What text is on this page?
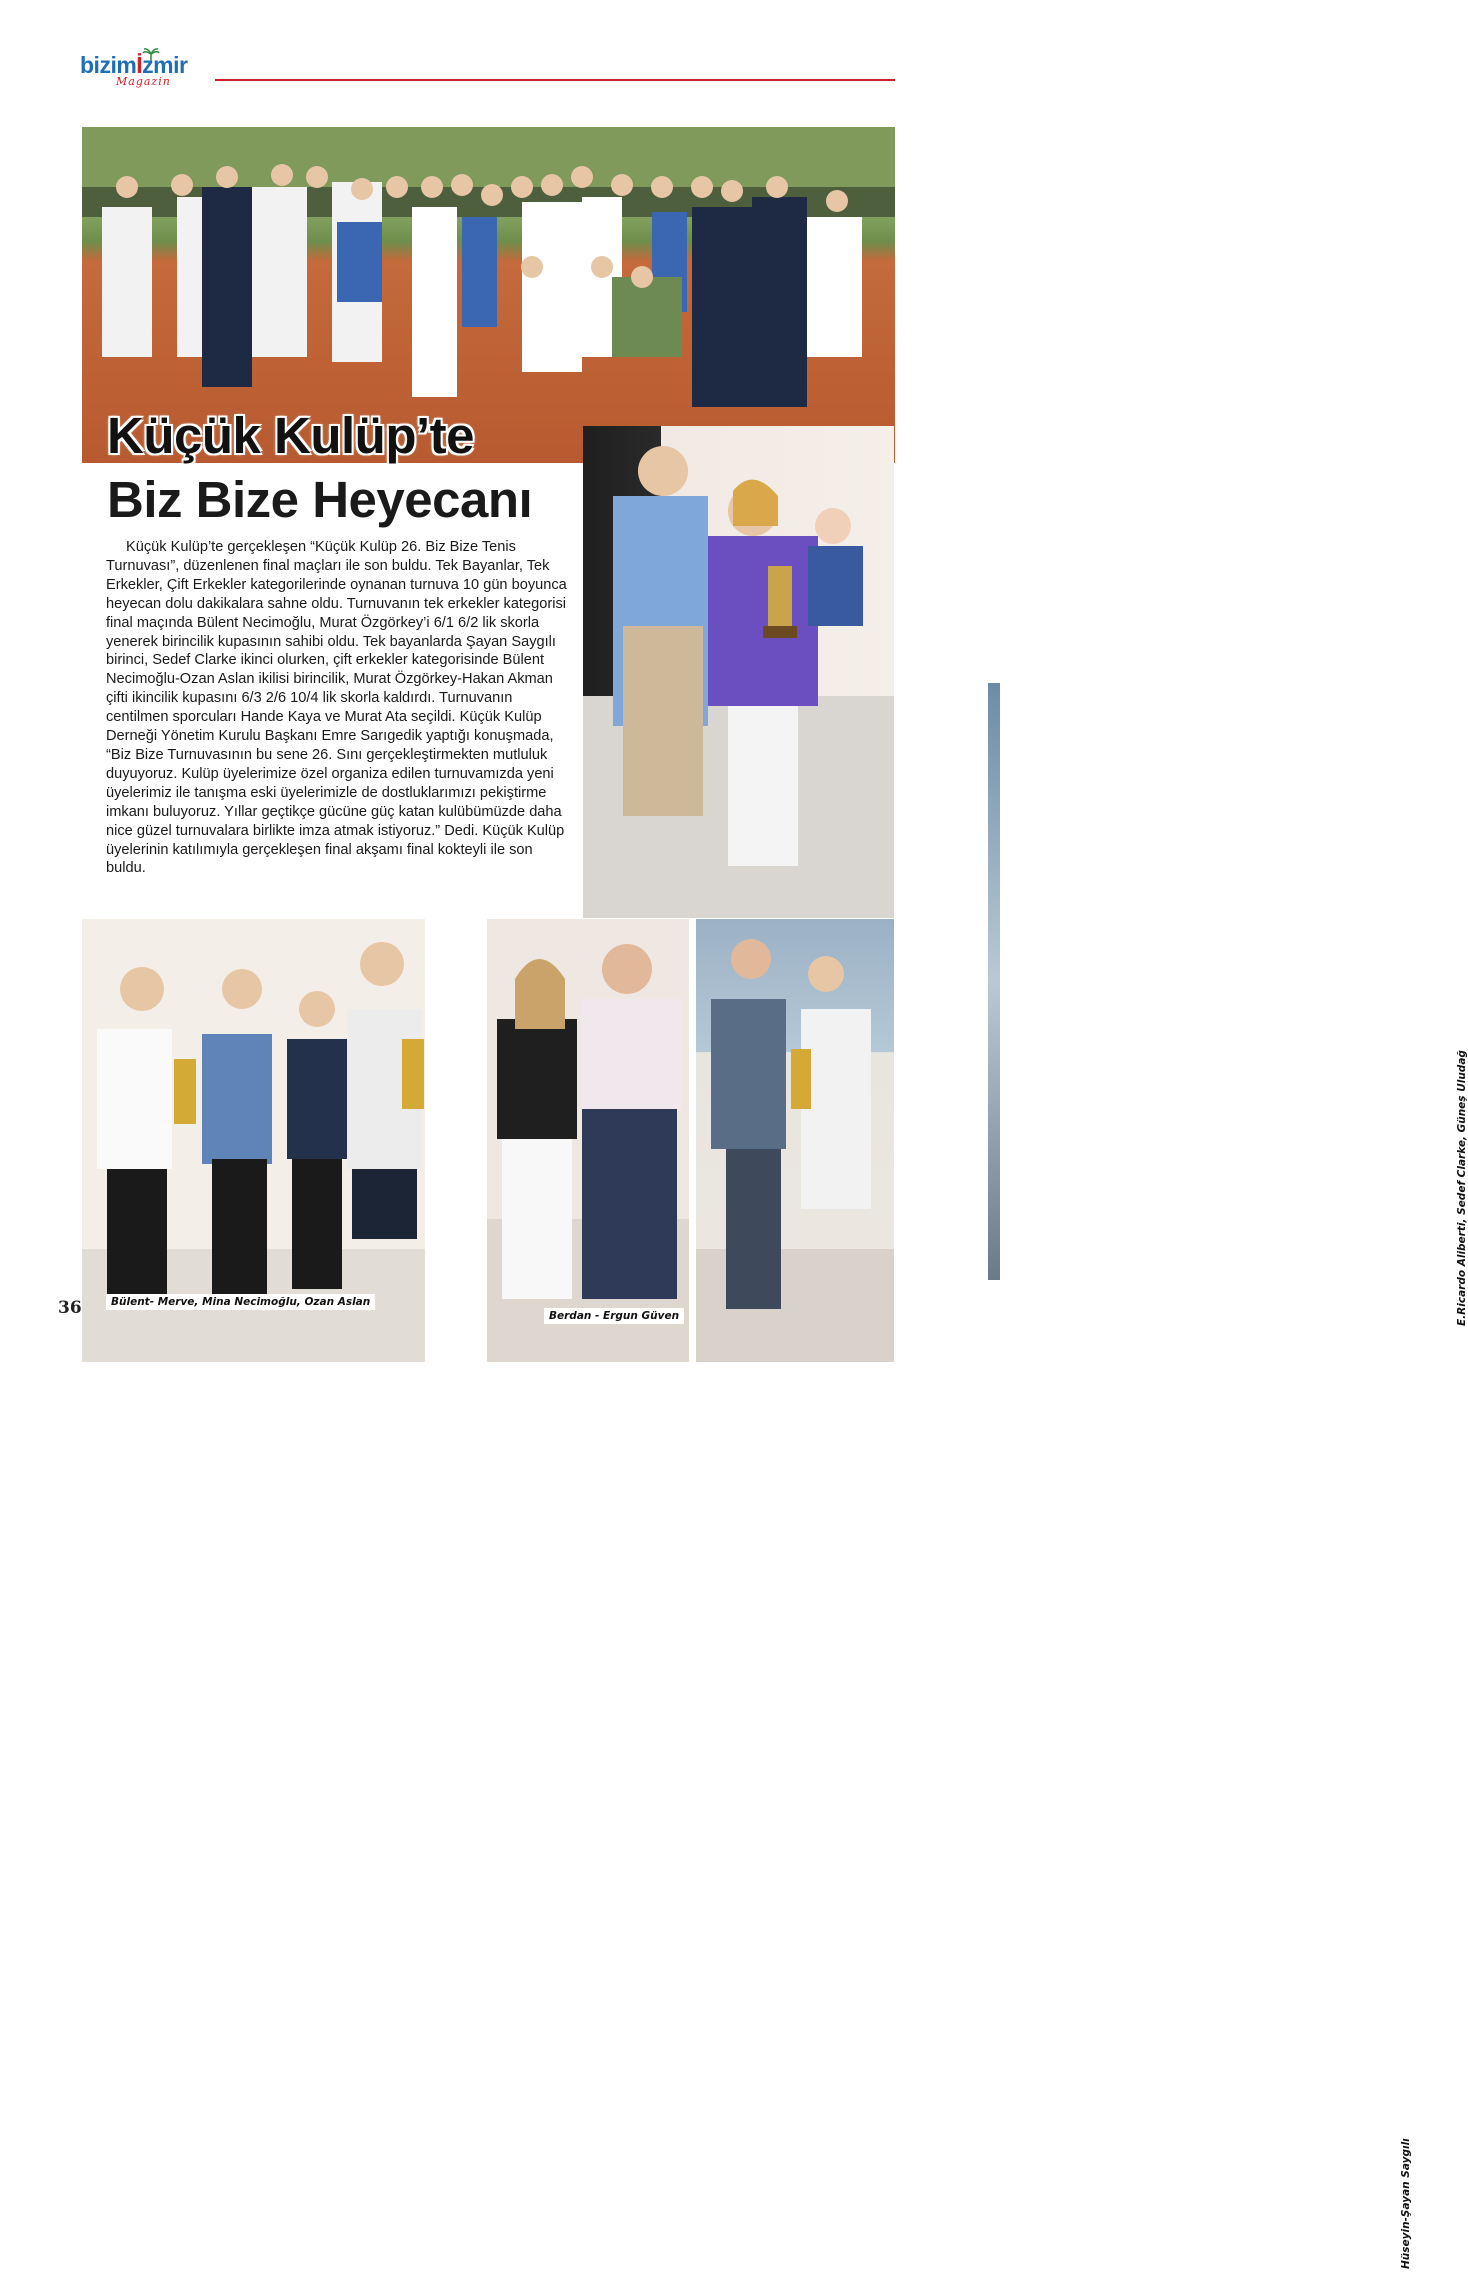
bizimİzmir
Magazin
Küçük Kulüp’te
Biz Bize Heyecanı
E.Ricardo Aliberti, Sedef Clarke, Güneş Uludağ

Küçük Kulüp’te gerçekleşen “Küçük Kulüp 26. Biz Bize Tenis Turnuvası”, düzenlenen final maçları ile son buldu. Tek Bayanlar, Tek Erkekler, Çift Erkekler kategorilerinde oynanan turnuva 10 gün boyunca heyecan dolu dakikalara sahne oldu. Turnuvanın tek erkekler kategorisi final maçında Bülent Necimoğlu, Murat Özgörkey’i 6/1 6/2 lik skorla yenerek birincilik kupasının sahibi oldu. Tek bayanlarda Şayan Saygılı birinci, Sedef Clarke ikinci olurken, çift erkekler kategorisinde Bülent Necimoğlu-Ozan Aslan ikilisi birincilik, Murat Özgörkey-Hakan Akman çifti ikincilik kupasını 6/3 2/6 10/4 lik skorla kaldırdı. Turnuvanın centilmen sporcuları Hande Kaya ve Murat Ata seçildi. Küçük Kulüp Derneği Yönetim Kurulu Başkanı Emre Sarıgedik yaptığı konuşmada, “Biz Bize Turnuvasının bu sene 26. Sını gerçekleştirmekten mutluluk duyuyoruz. Kulüp üyelerimize özel organiza edilen turnuvamızda yeni üyelerimiz ile tanışma eski üyelerimizle de dostluklarımızı pekiştirme imkanı buluyoruz. Yıllar geçtikçe gücüne güç katan kulübümüzde daha nice güzel turnuvalara birlikte imza atmak istiyoruz.” Dedi. Küçük Kulüp üyelerinin katılımıyla gerçekleşen final akşamı final kokteyli ile son buldu.

Bülent- Merve, Mina Necimoğlu, Ozan Aslan
Berdan - Ergun Güven
Hüseyin-Şayan Saygılı
36
